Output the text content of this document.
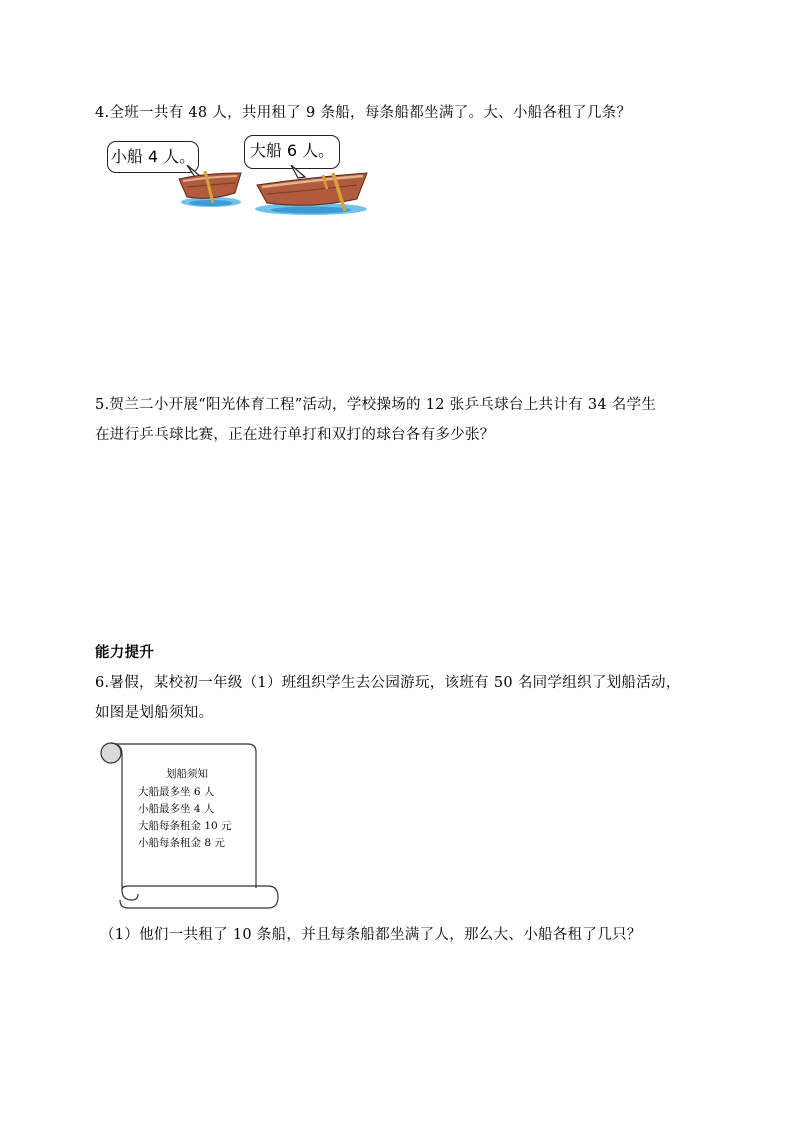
4.全班一共有 48 人，共用租了 9 条船，每条船都坐满了。大、小船各租了几条？
小船 4 人。	大船 6 人。
5.贺兰二小开展“阳光体育工程”活动，学校操场的 12 张乒乓球台上共计有 34 名学生
在进行乒乓球比赛，正在进行单打和双打的球台各有多少张？
能力提升
6.暑假，某校初一年级（1）班组织学生去公园游玩，该班有 50 名同学组织了划船活动，
如图是划船须知。
划船须知
大船最多坐 6 人
小船最多坐 4 人
大船每条租金 10 元
小船每条租金 8 元
（1）他们一共租了 10 条船，并且每条船都坐满了人，那么大、小船各租了几只？
